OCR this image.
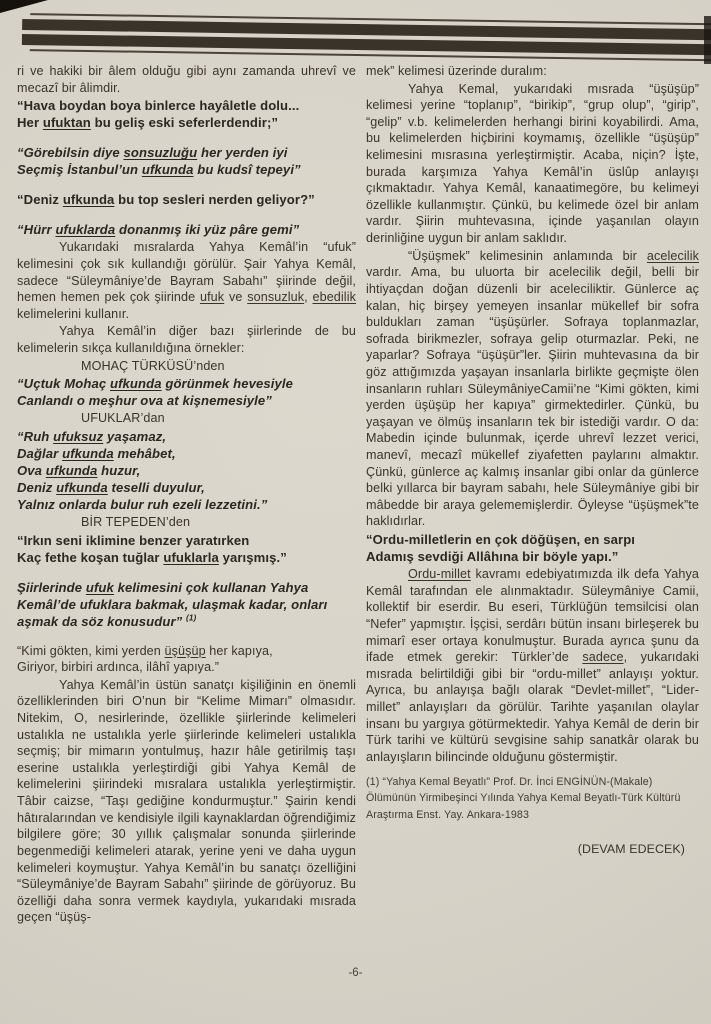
ri ve hakiki bir âlem olduğu gibi aynı zamanda uhrevî ve mecazî bir âlimdir.
“Hava boydan boya binlerce hayâletle dolu...
Her ufuktan bu geliş eski seferlerdendir;”
“Görebilsin diye sonsuzluğu her yerden iyi
Seçmiş İstanbul’un ufkunda bu kudsî tepeyi”
“Deniz ufkunda bu top sesleri nerden geliyor?”
“Hürr ufuklarda donanmış iki yüz pâre gemi”
Yukarıdaki mısralarda Yahya Kemâl’in “ufuk” kelimesini çok sık kullandığı görülür. Şair Yahya Kemâl, sadece “Süleymâniye’de Bayram Sabahı” şiirinde değil, hemen hemen pek çok şiirinde ufuk ve sonsuzluk, ebedilik kelimelerini kullanır.
Yahya Kemâl’in diğer bazı şiirlerinde de bu kelimelerin sıkça kullanıldığına örnekler:
MOHAÇ TÜRKÜSÜ’nden
“Uçtuk Mohaç ufkunda görünmek hevesiyle
Canlandı o meşhur ova at kişnemesiyle”
UFUKLAR’dan
“Ruh ufuksuz yaşamaz,
Dağlar ufkunda mehâbet,
Ova ufkunda huzur,
Deniz ufkunda teselli duyulur,
Yalnız onlarda bulur ruh ezeli lezzetini.”
BİR TEPEDEN’den
“Irkın seni iklimine benzer yaratırken
Kaç fethe koşan tuğlar ufuklarla yarışmış.”
Şiirlerinde ufuk kelimesini çok kullanan Yahya Kemâl’de ufuklara bakmak, ulaşmak kadar, onları aşmak da söz konusudur” $^{(1)}$
“Kimi gökten, kimi yerden üşüşüp her kapıya,
Giriyor, birbiri ardınca, ilâhî yapıya.”
Yahya Kemâl’in üstün sanatçı kişiliğinin en önemli özelliklerinden biri O’nun bir “Kelime Mimarı” olmasıdır. Nitekim, O, nesirlerinde, özellikle şiirlerinde kelimeleri ustalıkla ne ustalıkla yerle şiirlerinde kelimeleri ustalıkla seçmiş; bir mimarın yontulmuş, hazır hâle getirilmiş taşı eserine ustalıkla yerleştirdiği gibi Yahya Kemâl de kelimelerini şiirindeki mısralara ustalıkla yerleştirmiştir. Tâbir caizse, “Taşı gediğine kondurmuştur.” Şairin kendi hâtıralarından ve kendisiyle ilgili kaynaklardan öğrendiğimiz bilgilere göre; 30 yıllık çalışmalar sonunda şiirlerinde begenmediği kelimeleri atarak, yerine yeni ve daha uygun kelimeleri koymuştur. Yahya Kemâl’in bu sanatçı özelliğini “Süleymâniye’de Bayram Sabahı” şiirinde de görüyoruz. Bu özelliği daha sonra vermek kaydıyla, yukarıdaki mısrada geçen “üşüş-
mek” kelimesi üzerinde duralım:
Yahya Kemal, yukarıdaki mısrada “üşüşüp” kelimesi yerine “toplanıp”, “birikip”, “grup olup”, “girip”, “gelip” v.b. kelimelerden herhangi birini koyabilirdi. Ama, bu kelimelerden hiçbirini koymamış, özellikle “üşüşüp” kelimesini mısrasına yerleştirmiştir. Acaba, niçin? İşte, burada karşımıza Yahya Kemâl’in üslûp anlayışı çıkmaktadır. Yahya Kemâl, kanaatimegöre, bu kelimeyi özellikle kullanmıştır. Çünkü, bu kelimede özel bir anlam vardır. Şiirin muhtevasına, içinde yaşanılan olayın derinliğine uygun bir anlam saklıdır.
“Üşüşmek” kelimesinin anlamında bir acelecilik vardır. Ama, bu uluorta bir acelecilik değil, belli bir ihtiyaçdan doğan düzenli bir aceleciliktir. Günlerce aç kalan, hiç birşey yemeyen insanlar mükellef bir sofra buldukları zaman “üşüşürler. Sofraya toplanmazlar, sofrada birikmezler, sofraya gelip oturmazlar. Peki, ne yaparlar? Sofraya “üşüşür”ler. Şiirin muhtevasına da bir göz attığımızda yaşayan insanlarla birlikte geçmişte ölen insanların ruhları SüleymâniyeCamii’ne “Kimi gökten, kimi yerden üşüşüp her kapıya” girmektedirler. Çünkü, bu yaşayan ve ölmüş insanların tek bir istediği vardır. O da: Mabedin içinde bulunmak, içerde uhrevî lezzet verici, manevî, mecazî mükellef ziyafetten paylarını almaktır. Çünkü, günlerce aç kalmış insanlar gibi onlar da günlerce belki yıllarca bir bayram sabahı, hele Süleymâniye gibi bir mâbedde bir araya gelememişlerdir. Öyleyse “üşüşmek”te haklıdırlar.
“Ordu-milletlerin en çok döğüşen, en sarpı
Adamış sevdiği Allâhına bir böyle yapı.”
Ordu-millet kavramı edebiyatımızda ilk defa Yahya Kemâl tarafından ele alınmaktadır. Süleymâniye Camii, kollektif bir eserdir. Bu eseri, Türklüğün temsilcisi olan “Nefer” yapmıştır. İşçisi, serdârı bütün insanı birleşerek bu mimarî eser ortaya konulmuştur. Burada ayrıca şunu da ifade etmek gerekir: Türkler’de sadece, yukarıdaki mısrada belirtildiği gibi bir “ordu-millet” anlayışı yoktur. Ayrıca, bu anlayışa bağlı olarak “Devlet-millet”, “Lider-millet” anlayışları da görülür. Tarihte yaşanılan olaylar insanı bu yargıya götürmektedir. Yahya Kemâl de derin bir Türk tarihi ve kültürü sevgisine sahip sanatkâr olarak bu anlayışların bilincinde olduğunu göstermiştir.
(1) “Yahya Kemal Beyatlı” Prof. Dr. İnci ENGİNÜN-(Makale) Ölümünün Yirmibeşinci Yılında Yahya Kemal Beyatlı-Türk Kültürü Araştırma Enst. Yay. Ankara-1983
(DEVAM EDECEK)
-6-
